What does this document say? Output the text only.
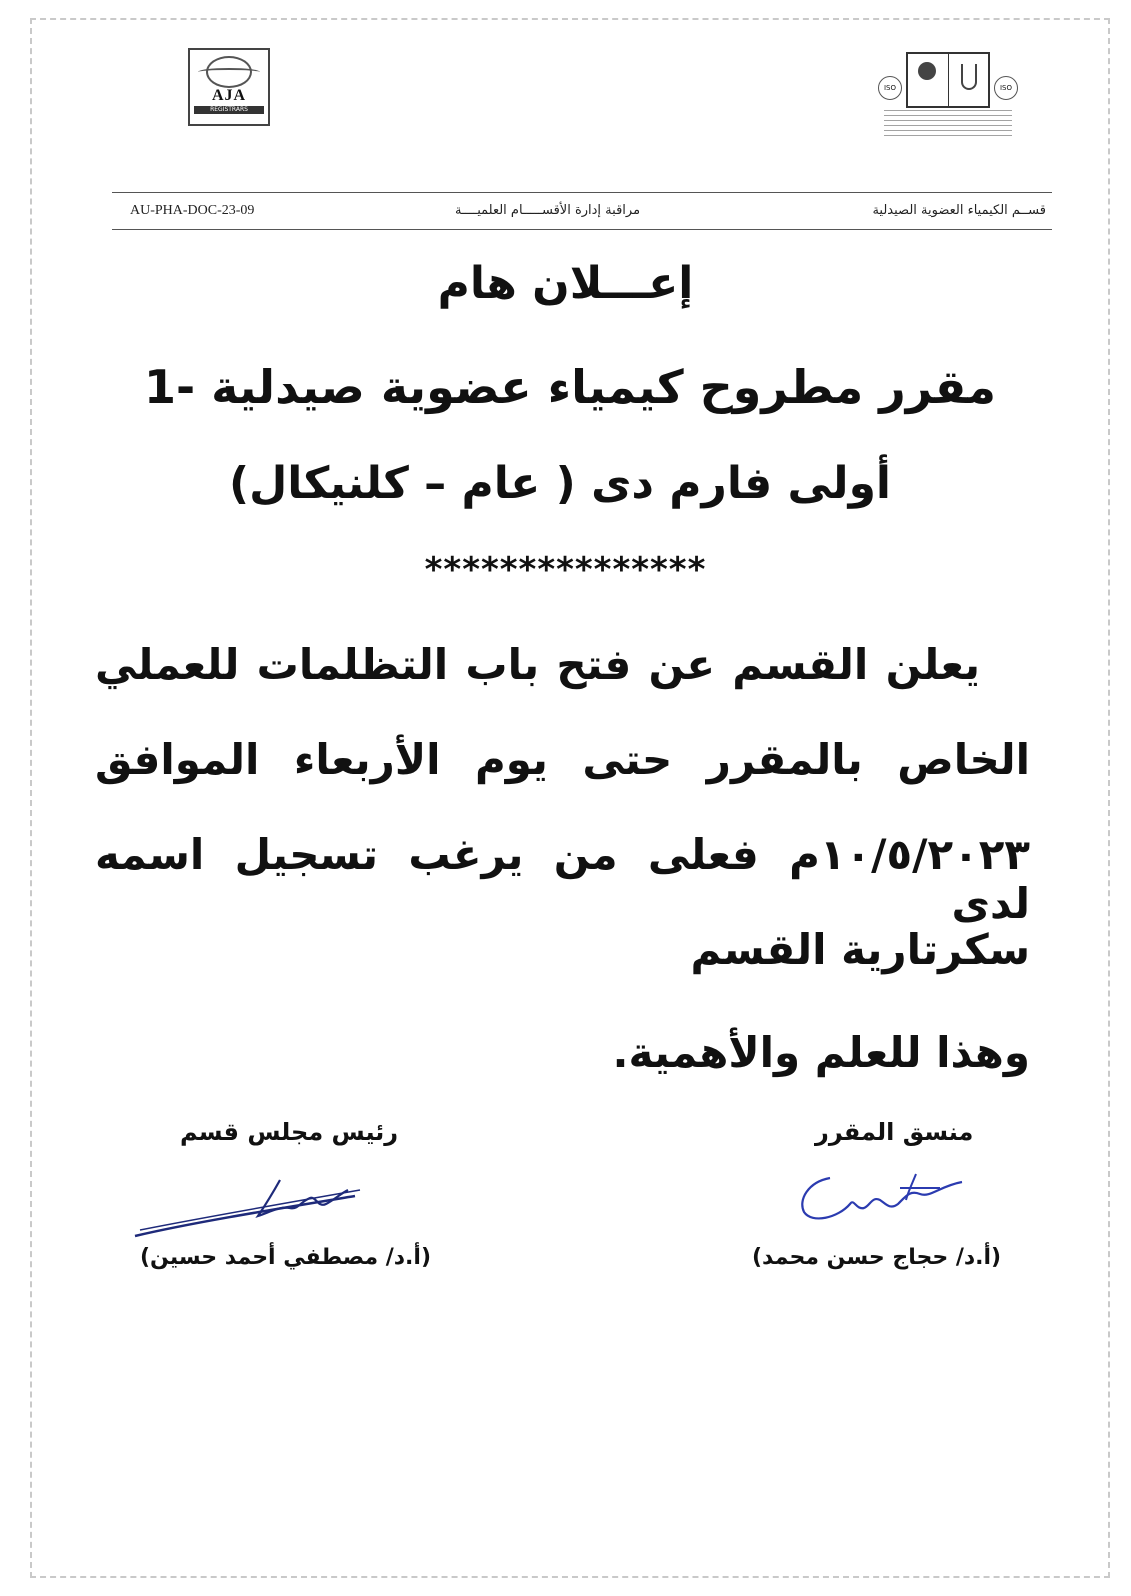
AJA
REGISTRARS
ISO	ISO
AU-PHA-DOC-23-09	مراقبة إدارة الأقســـــام العلميــــة	قســم الكيمياء العضوية الصيدلية
إعـــلان هام
مقرر مطروح كيمياء عضوية صيدلية -1
أولى فارم دى ( عام – كلنيكال)
***************
يعلن القسم عن فتح باب التظلمات للعملي
الخاص بالمقرر حتى يوم الأربعاء الموافق
١٠/٥/٢٠٢٣م فعلى من يرغب تسجيل اسمه لدى
سكرتارية القسم
وهذا للعلم والأهمية.
رئيس مجلس قسم	منسق المقرر
(أ.د/ مصطفي أحمد حسين)	(أ.د/ حجاج حسن محمد)
